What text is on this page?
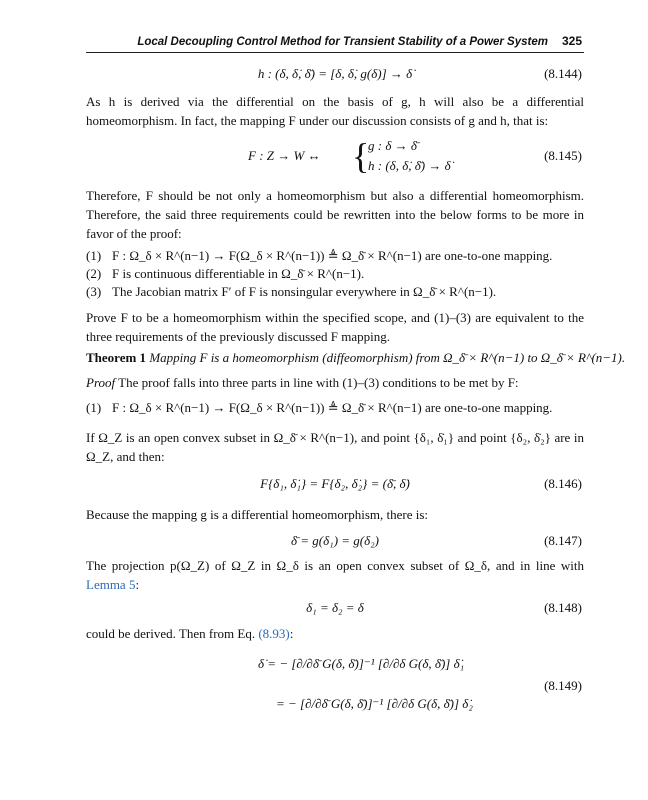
Local Decoupling Control Method for Transient Stability of a Power System 325
h : (δ, δ̇, δ̄) = [δ, δ̇, g(δ)] → δ̇	(8.144)
As h is derived via the differential on the basis of g, h will also be a differential homeomorphism. In fact, the mapping F under our discussion consists of g and h, that is:
F : Z → W ↔ {
g : δ → δ̄
h : (δ, δ̇, δ̄) → δ̇
(8.145)
Therefore, F should be not only a homeomorphism but also a differential homeomorphism. Therefore, the said three requirements could be rewritten into the below forms to be more in favor of the proof:
(1) F : Ω_δ × R^(n−1) → F(Ω_δ × R^(n−1)) ≜ Ω_δ̄ × R^(n−1) are one-to-one mapping.
(2) F is continuous differentiable in Ω_δ̄ × R^(n−1).
(3) The Jacobian matrix F′ of F is nonsingular everywhere in Ω_δ̄ × R^(n−1).
Prove F to be a homeomorphism within the specified scope, and (1)–(3) are equivalent to the three requirements of the previously discussed F mapping.
Theorem 1 Mapping F is a homeomorphism (diffeomorphism) from Ω_δ̄ × R^(n−1) to Ω_δ̄ × R^(n−1).
Proof The proof falls into three parts in line with (1)–(3) conditions to be met by F:
(1) F : Ω_δ × R^(n−1) → F(Ω_δ × R^(n−1)) ≜ Ω_δ̄ × R^(n−1) are one-to-one mapping.
If Ω_Z is an open convex subset in Ω_δ̄ × R^(n−1), and point {δ₁, δ̇₁} and point {δ₂, δ̇₂} are in Ω_Z, and then:
F{δ₁, δ̇₁} = F{δ₂, δ̇₂} = (δ̄, δ̇)	(8.146)
Because the mapping g is a differential homeomorphism, there is:
δ̄ = g(δ₁) = g(δ₂)	(8.147)
The projection p(Ω_Z) of Ω_Z in Ω_δ is an open convex subset of Ω_δ, and in line with Lemma 5:
δ₁ = δ₂ = δ	(8.148)
could be derived. Then from Eq. (8.93):
δ̇ = − [∂/∂δ̄ G(δ, δ̄)]⁻¹ [∂/∂δ G(δ, δ̄)] δ̇₁
= − [∂/∂δ̄ G(δ, δ̄)]⁻¹ [∂/∂δ G(δ, δ̄)] δ̇₂
(8.149)
